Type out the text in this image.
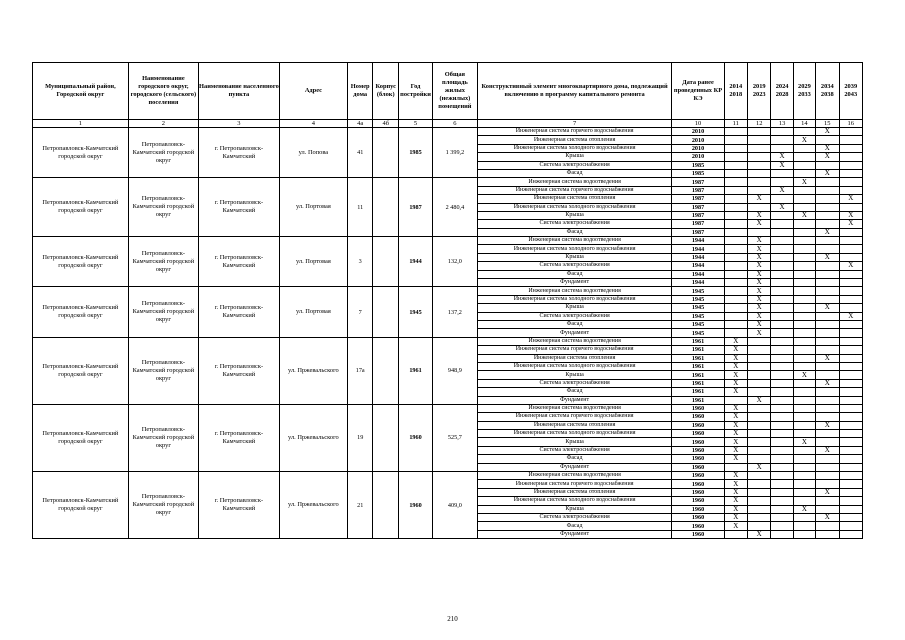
Муниципальный район, Городской округ	Наименование городского округ, городского (сельского) поселения	Наименование населенного пункта	Адрес	Номер дома	Корпус (блок)	Год постройки	Общая площадь жилых (нежилых) помещений	Конструктивный элемент многоквартирного дома, подлежащий включению в программу капитального ремонта	Дата ранее проведенных КР КЭ	2014 2018	2019 2023	2024 2028	2029 2033	2034 2038	2039 2043
1	2	3	4	4а	4б	5	6	7	10	11	12	13	14	15	16
Петропавловск-Камчатский городской округ	Петропавловск-Камчатский городской округ	г. Петропавловск-Камчатский	ул. Попова	41		1985	1 399,2	Инженерная система горячего водоснабжения	2010					X	
								Инженерная система отопления	2010				X		
								Инженерная система холодного водоснабжения	2010					X	
								Крыша	2010			X		X	
								Система электроснабжения	1985			X			
								Фасад	1985					X	
Петропавловск-Камчатский городской округ	Петропавловск-Камчатский городской округ	г. Петропавловск-Камчатский	ул. Портовая	11		1987	2 480,4	Инженерная система водоотведения	1987				X		
								Инженерная система горячего водоснабжения	1987			X			
								Инженерная система отопления	1987		X				X
								Инженерная система холодного водоснабжения	1987			X			
								Крыша	1987		X		X		X
								Система электроснабжения	1987		X				X
								Фасад	1987					X	
Петропавловск-Камчатский городской округ	Петропавловск-Камчатский городской округ	г. Петропавловск-Камчатский	ул. Портовая	3		1944	132,0	Инженерная система водоотведения	1944		X				
								Инженерная система холодного водоснабжения	1944		X				
								Крыша	1944		X			X	
								Система электроснабжения	1944		X				X
								Фасад	1944		X				
								Фундамент	1944		X				
Петропавловск-Камчатский городской округ	Петропавловск-Камчатский городской округ	г. Петропавловск-Камчатский	ул. Портовая	7		1945	137,2	Инженерная система водоотведения	1945		X				
								Инженерная система холодного водоснабжения	1945		X				
								Крыша	1945		X			X	
								Система электроснабжения	1945		X				X
								Фасад	1945		X				
								Фундамент	1945		X				
Петропавловск-Камчатский городской округ	Петропавловск-Камчатский городской округ	г. Петропавловск-Камчатский	ул. Пржевальского	17а		1961	948,9	Инженерная система водоотведения	1961	X					
								Инженерная система горячего водоснабжения	1961	X					
								Инженерная система отопления	1961	X				X	
								Инженерная система холодного водоснабжения	1961	X					
								Крыша	1961	X			X		
								Система электроснабжения	1961	X				X	
								Фасад	1961	X					
								Фундамент	1961		X				
Петропавловск-Камчатский городской округ	Петропавловск-Камчатский городской округ	г. Петропавловск-Камчатский	ул. Пржевальского	19		1960	525,7	Инженерная система водоотведения	1960	X					
								Инженерная система горячего водоснабжения	1960	X					
								Инженерная система отопления	1960	X				X	
								Инженерная система холодного водоснабжения	1960	X					
								Крыша	1960	X			X		
								Система электроснабжения	1960	X				X	
								Фасад	1960	X					
								Фундамент	1960		X				
Петропавловск-Камчатский городской округ	Петропавловск-Камчатский городской округ	г. Петропавловск-Камчатский	ул. Пржевальского	21		1960	409,0	Инженерная система водоотведения	1960	X					
								Инженерная система горячего водоснабжения	1960	X					
								Инженерная система отопления	1960	X				X	
								Инженерная система холодного водоснабжения	1960	X					
								Крыша	1960	X			X		
								Система электроснабжения	1960	X				X	
								Фасад	1960	X					
								Фундамент	1960		X				
210
